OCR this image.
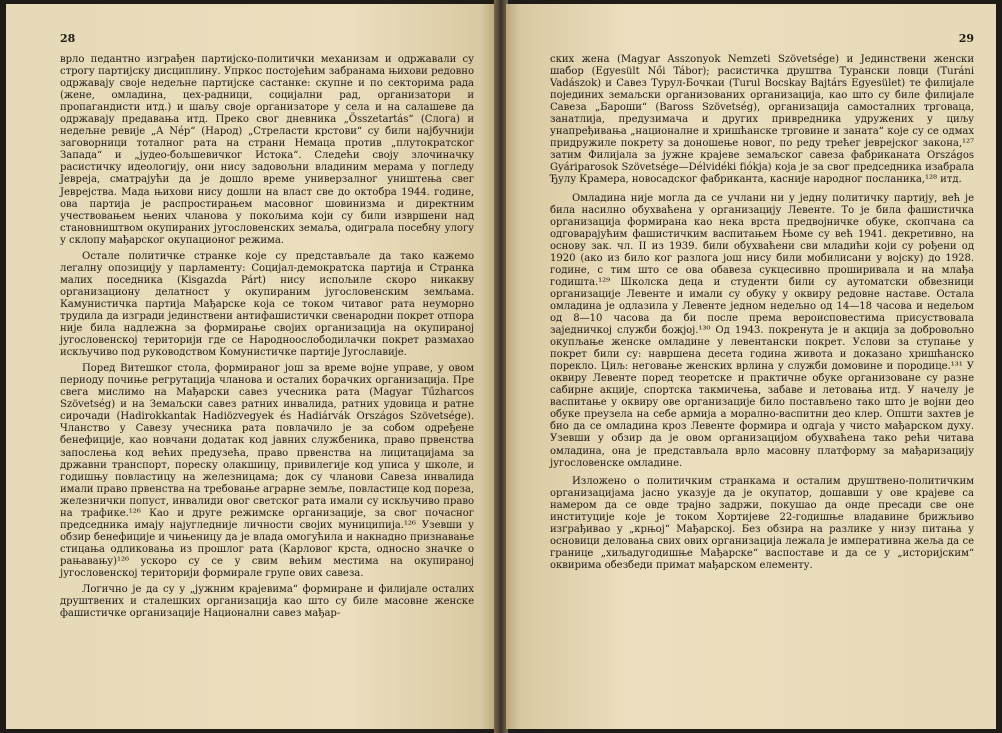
28

врло педантно изграђен партијско-политички механизам и одржавали су строгу партијску дисциплину. Упркос постојећим забранама њихови редовно одржавају своје недељне партијске састанке: скупне и по секторима рада (жене, омладина, цех-радници, социјални рад, организатори и пропагандисти итд.) и шаљу своје организаторе у села и на салашеве да одржавају предавања итд. Преко свог дневника „Összetartás“ (Слога) и недељне ревије „A Nép“ (Народ) „Стреласти крстови“ су били најбучнији заговорници тоталног рата на страни Немаца против „плутократског Запада“ и „јудео-бољшевичког Истока“. Следећи своју злочиначку расистичку идеологију, они нису задовољни владиним мерама у погледу Јевреја, сматрајући да је дошло време универзалног уништења свег Јеврејства. Мада њихови нису дошли на власт све до октобра 1944. године, ова партија је распростирањем масовног шовинизма и директним учествовањем њених чланова у покољима који су били извршени над становништвом окупираних југословенских земаља, одиграла посебну улогу у склопу мађарског окупационог режима.

Остале политичке странке које су представљале да тако кажемо легалну опозицију у парламенту: Социјал-демократска партија и Странка малих поседника (Kisgazda Párt) нису испољиле скоро никакву организациону делатност у окупираним југословенским земљама. Камунистичка партија Мађарске која се током читавог рата неуморно трудила да изгради јединствени антифашистички свенародни покрет отпора није била надлежна за формирање својих организација на окупираној југословенској територији где се Народноослободилачки покрет размахао искључиво под руководством Комунистичке партије Југославије.

Поред Витешког стола, формираног још за време војне управе, у овом периоду почиње регрутација чланова и осталих борачких организација. Пре свега мислимо на Мађарски савез учесника рата (Magyar Tűzharcos Szövetség) и на Земаљски савез ратних инвалида, ратних удовица и ратне сирочади (Hadirokkantak Hadiözvegyek és Hadiárvák Országos Szövetsége). Чланство у Савезу учесника рата повлачило је за собом одређене бенефиције, као новчани додатак код јавних службеника, право првенства запослења код већих предузећа, право првенства на лицитацијама за државни транспорт, пореску олакшицу, привилегије код уписа у школе, и годишњу повластицу на железницама; док су чланови Савеза инвалида имали право првенства на требовање аграрне земље, повластице код пореза, железнички попуст, инвалиди овог светског рата имали су искључиво право на трафике.¹²⁶ Као и друге режимске организације, за свог почасног председника имају најугледније личности својих муниципија.¹²⁶ Узевши у обзир бенефиције и чињеницу да је влада омогућила и накнадно признавање стицања одликовања из прошлог рата (Карловог крста, односно значке о рањавању)¹²⁶ ускоро су се у свим већим местима на окупираној југословенској територији формирале групе ових савеза.

Логично је да су у „јужним крајевима“ формиране и филијале осталих друштвених и сталешких организација као што су биле масовне женске фашистичке организације Национални савез мађар-

29

ских жена (Magyar Asszonyok Nemzeti Szövetsége) и Јединствени женски шабор (Egyesült Női Tábor); расистичка друштва Турански ловци (Turáni Vadászok) и Савез Турул-Бочкаи (Turul Bocskay Bajtárs Egyesület) те филијале појединих земаљски организованих организација, као што су биле филијале Савеза „Бароши“ (Baross Szövetség), организација самосталних трговаца, занатлија, предузимача и других привредника удружених у циљу унапређивања „националне и хришћанске трговине и заната“ које су се одмах придружиле покрету за доношење новог, по реду трећег јеврејског закона,¹²⁷ затим Филијала за јужне крајеве земаљског савеза фабриканата Országos Gyáriparosok Szövetsége—Délvidéki fiókja) која је за свог председника изабрала Ђулу Крамера, новосадског фабриканта, касније народног посланика,¹²⁸ итд.

Омладина није могла да се учлани ни у једну политичку партију, већ је била насилно обухваћена у организацију Левенте. То је била фашистичка организација формирана као нека врста предвојничке обуке, скопчана са одговарајућим фашистичким васпитањем Њоме су већ 1941. декретивно, на основу зак. чл. II из 1939. били обухваћени сви младићи који су рођени од 1920 (ако из било ког разлога још нису били мобилисани у војску) до 1928. године, с тим што се ова обавеза сукцесивно проширивала и на млађа годишта.¹²⁹ Школска деца и студенти били су аутоматски обвезници организације Левенте и имали су обуку у оквиру редовне наставе. Остала омладина је одлазила у Левенте једном недељно од 14—18 часова и недељом од 8—10 часова да би после према вероисповестима присуствовала заједничкој служби божјој.¹³⁰ Од 1943. покренута је и акција за добровољно окупљање женске омладине у левентански покрет. Услови за ступање у покрет били су: навршена десета година живота и доказано хришћанско порекло. Циљ: неговање женских врлина у служби домовине и породице.¹³¹ У оквиру Левенте поред теоретске и практичне обуке организоване су разне сабирне акције, спортска такмичења, забаве и летовања итд. У начелу је васпитање у оквиру ове организације било постављено тако што је војни део обуке преузела на себе армија а морално-васпитни део клер. Општи захтев је био да се омладина кроз Левенте формира и одгаја у чисто мађарском духу. Узевши у обзир да је овом организацијом обухваћена тако рећи читава омладина, она је представљала врло масовну платформу за мађаризацију југословенске омладине.

Изложено о политичким странкама и осталим друштвено-политичким организацијама јасно указује да је окупатор, дошавши у ове крајеве са намером да се овде трајно задржи, покушао да онде пресади све оне институције које је током Хортијеве 22-годишње владавине брижљиво изграђивао у „крњој“ Мађарској. Без обзира на разлике у низу питања у основици деловања свих ових организација лежала је императивна жеља да се границе „хиљадугодишње Мађарске“ васпоставе и да се у „историјским“ оквирима обезбеди примат мађарском елементу.
